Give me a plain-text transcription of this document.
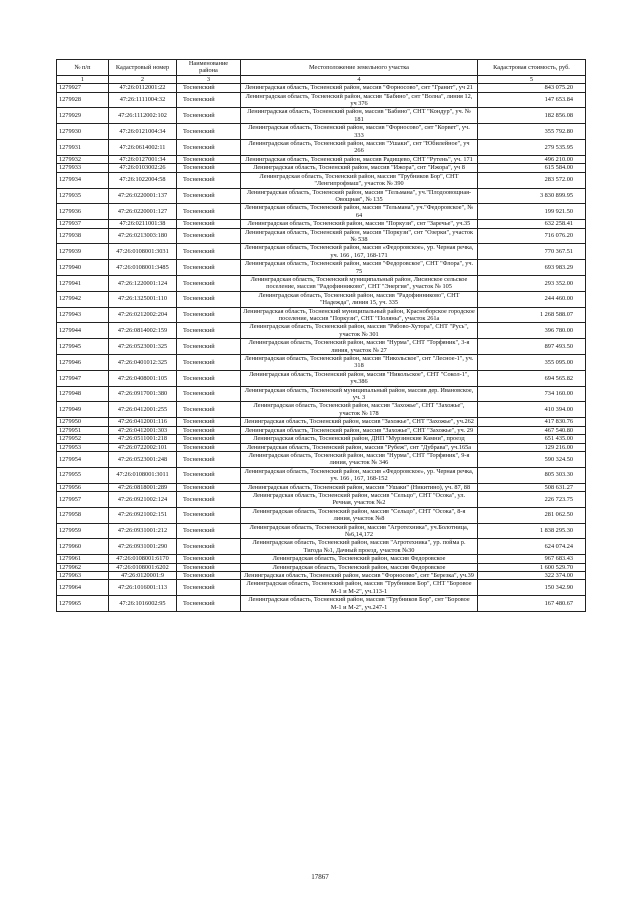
№ п/п	Кадастровый номер	Наименование района	Местоположение земельного участка	Кадастровая стоимость, руб.
1	2	3	4	5
1279927	47:26:0112001:22	Тосненский	Ленинградская область, Тосненский район, массив "Форносово", снт "Гранит", уч 21	843 075.20
1279928	47:26:1111004:32	Тосненский	Ленинградская область, Тосненский район, массив "Бабино", снт "Волна", линия 12, уч 376	147 653.84
1279929	47:26:1112002:102	Тосненский	Ленинградская область, Тосненский район, массив "Бабино", СНТ "Кондур", уч. № 181	182 856.08
1279930	47:26:0121004:34	Тосненский	Ленинградская область, Тосненский район, массив "Форносово", снт "Корвет", уч. 333	355 792.80
1279931	47:26:0614002:11	Тосненский	Ленинградская область, Тосненский район, массив "Ушаки", снт "Юбилейное", уч 266	279 535.95
1279932	47:26:0127001:34	Тосненский	Ленинградская область, Тосненский район, массив Радищево, СНТ "Рутень", уч. 171	496 210.00
1279933	47:26:0103002:26	Тосненский	Ленинградская область, Тосненский район, массив "Ижора", снт "Ижора", уч 8	615 584.00
1279934	47:26:1022004:58	Тосненский	Ленинградская область, Тосненский район, массив "Трубников Бор", СНТ "Ленгипрофмаш", участок № 390	283 572.00
1279935	47:26:0220001:137	Тосненский	Ленинградская область, Тосненский район, массив "Тельмана", уч."Плодоовощная-Овощная", № 135	3 830 899.95
1279936	47:26:0220001:127	Тосненский	Ленинградская область, Тосненский район, массив "Тельмана", уч."Федоровское", № 64	199 921.50
1279937	47:26:0211001:38	Тосненский	Ленинградская область, Тосненский район, массив "Поркузи", снт "Заречье", уч.35	632 258.41
1279938	47:26:0213003:180	Тосненский	Ленинградская область, Тосненский район, массив "Поркузи", снт "Озерки", участок № 538	716 076.20
1279939	47:26:0108001:3031	Тосненский	Ленинградская область, Тосненский район, массив «Федоровское», ур. Черная речка, уч. 166 , 167, 168-171	770 367.51
1279940	47:26:0108001:3485	Тосненский	Ленинградская область, Тосненский район, массив "Федоровское", СНТ "Флора", уч. 75	693 983.29
1279941	47:26:1220001:124	Тосненский	Ленинградская область, Тосненский муниципальный район, Лисинское сельское поселение, массив "Радофинниково", СНТ "Энергия", участок № 105	293 352.00
1279942	47:26:1325001:110	Тосненский	Ленинградская область, Тосненский район, массив "Радофинниково", СНТ "Надежда", линия 15, уч. 335	244 460.00
1279943	47:26:0212002:204	Тосненский	Ленинградская область, Тосненский муниципальный район, Красноборское городское поселение, массив "Поркузи", СНТ "Поляны", участок 261а	1 268 588.07
1279944	47:26:0814002:159	Тосненский	Ленинградская область, Тосненский район, массив "Рябово-Хутора", СНТ "Русь", участок № 301	396 780.00
1279945	47:26:0523001:325	Тосненский	Ленинградская область, Тосненский район, массив "Нурма", СНТ "Торфяник", 3-я линия, участок № 27	897 493.50
1279946	47:26:0401012:325	Тосненский	Ленинградская область, Тосненский район, массив "Никольское", снт "Лесное-1", уч. 318	355 095.00
1279947	47:26:0408001:105	Тосненский	Ленинградская область, Тосненский район, массив "Никольское", СНТ "Сокол-1", уч.386	694 565.82
1279948	47:26:0917001:380	Тосненский	Ленинградская область, Тосненский муниципальный район, массив дер. Ивановское, уч. 3	734 160.00
1279949	47:26:0412001:255	Тосненский	Ленинградская область, Тосненский район, массив "Захожье", СНТ "Захожье", участок № 178	410 394.00
1279950	47:26:0412001:116	Тосненский	Ленинградская область, Тосненский район, массив "Захожье", СНТ "Захожье", уч.262	417 830.76
1279951	47:26:0412001:303	Тосненский	Ленинградская область, Тосненский район, массив "Захожье", СНТ "Захожье", уч. 29	467 540.80
1279952	47:26:0511001:218	Тосненский	Ленинградская область, Тосненский район, ДНП "Мурзинские Камни", проезд	651 435.00
1279953	47:26:0722002:101	Тосненский	Ленинградская область, Тосненский район, массив "Рубеж", снт "Дубрава", уч.165а	129 216.00
1279954	47:26:0523001:248	Тосненский	Ленинградская область, Тосненский район, массив "Нурма", СНТ "Торфяник", 9-я линия, участок № 346	590 324.50
1279955	47:26:0108001:3011	Тосненский	Ленинградская область, Тосненский район, массив «Федоровское», ур. Черная речка, уч. 166 , 167, 168-152	805 303.30
1279956	47:26:0818001:289	Тосненский	Ленинградская область, Тосненский район, массив "Ушаки" (Никитино), уч. 87, 88	508 631.27
1279957	47:26:0921002:124	Тосненский	Ленинградская область, Тосненский район, массив "Сельцо", СНТ "Осока", ул. Речная, участок №2	226 723.75
1279958	47:26:0921002:151	Тосненский	Ленинградская область, Тосненский район, массив "Сельцо", СНТ "Осока", 8-я линия, участок №8	281 062.50
1279959	47:26:0931001:212	Тосненский	Ленинградская область, Тосненский район, массив "Агротехника", уч.Болотница, №6,14,172	1 838 295.30
1279960	47:26:0931001:290	Тосненский	Ленинградская область, Тосненский район, массив "Агротехника", ур. пойма р. Тигода №1, Дачный проезд, участок №30	624 074.24
1279961	47:26:0108001:6170	Тосненский	Ленинградская область, Тосненский район, массив Федоровское	967 683.43
1279962	47:26:0108001:6202	Тосненский	Ленинградская область, Тосненский район, массив Федоровское	1 600 529.70
1279963	47:26:0120001:9	Тосненский	Ленинградская область, Тосненский район, массив "Форносово", снт "Березка", уч.39	322 374.00
1279964	47:26:1016001:113	Тосненский	Ленинградская область, Тосненский район, массив "Трубников Бор", СНТ "Боровое М-1 и М-2", уч.113-1	150 342.90
1279965	47:26:1016002:95	Тосненский	Ленинградская область, Тосненский район, массив "Трубников Бор", снт "Боровое М-1 и М-2", уч.247-1	167 480.67
17867
